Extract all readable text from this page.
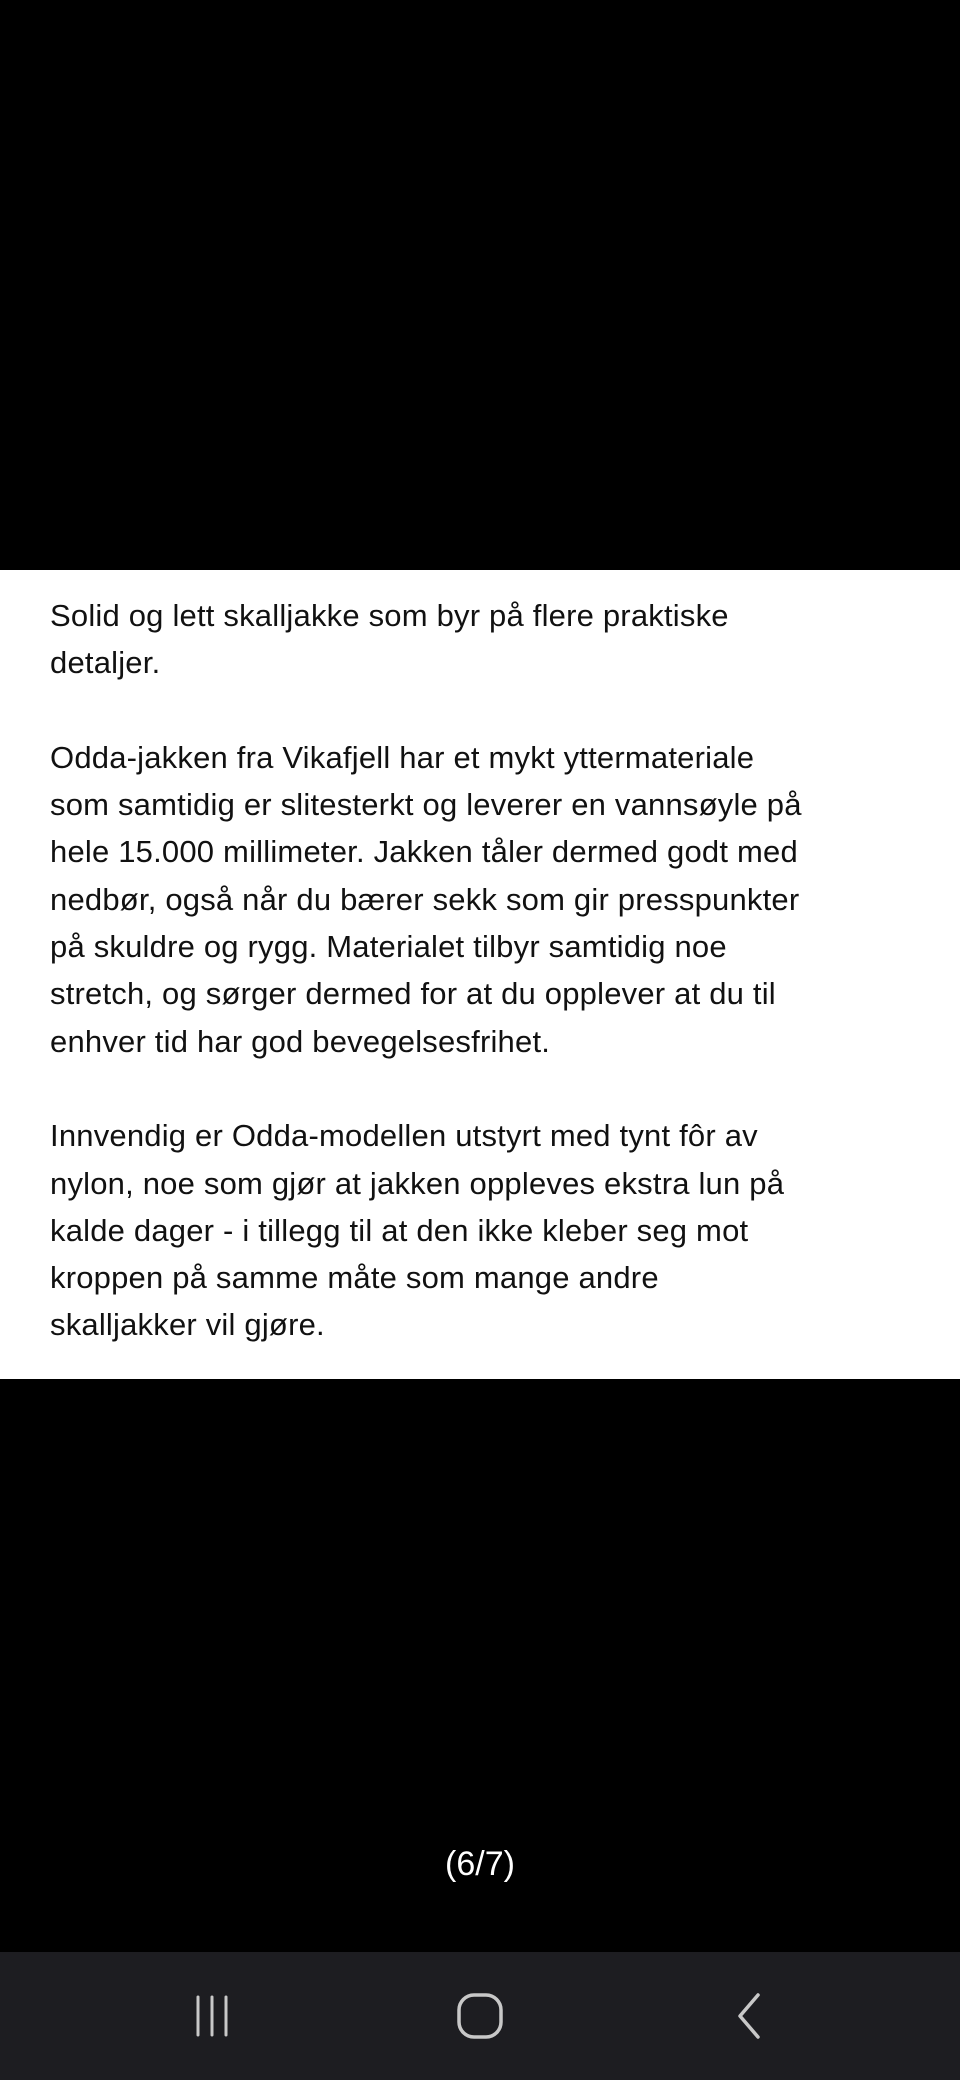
Solid og lett skalljakke som byr på flere praktiske
detaljer.
Odda-jakken fra Vikafjell har et mykt yttermateriale
som samtidig er slitesterkt og leverer en vannsøyle på
hele 15.000 millimeter. Jakken tåler dermed godt med
nedbør, også når du bærer sekk som gir presspunkter
på skuldre og rygg. Materialet tilbyr samtidig noe
stretch, og sørger dermed for at du opplever at du til
enhver tid har god bevegelsesfrihet.
Innvendig er Odda-modellen utstyrt med tynt fôr av
nylon, noe som gjør at jakken oppleves ekstra lun på
kalde dager - i tillegg til at den ikke kleber seg mot
kroppen på samme måte som mange andre
skalljakker vil gjøre.
(6/7)
